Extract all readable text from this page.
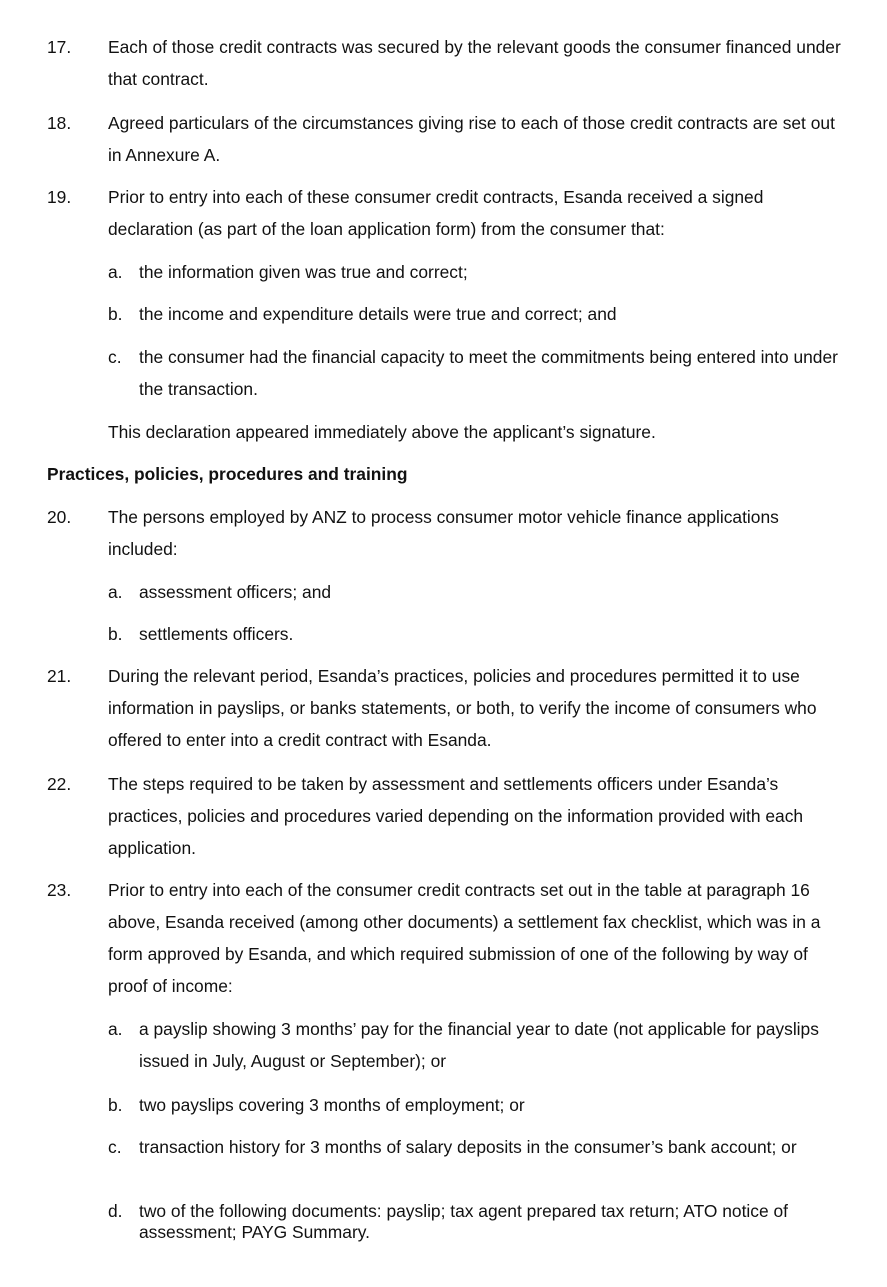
17. Each of those credit contracts was secured by the relevant goods the consumer financed under that contract.
18. Agreed particulars of the circumstances giving rise to each of those credit contracts are set out in Annexure A.
19. Prior to entry into each of these consumer credit contracts, Esanda received a signed declaration (as part of the loan application form) from the consumer that:
a. the information given was true and correct;
b. the income and expenditure details were true and correct; and
c. the consumer had the financial capacity to meet the commitments being entered into under the transaction.
This declaration appeared immediately above the applicant’s signature.
Practices, policies, procedures and training
20. The persons employed by ANZ to process consumer motor vehicle finance applications included:
a. assessment officers; and
b. settlements officers.
21. During the relevant period, Esanda’s practices, policies and procedures permitted it to use information in payslips, or banks statements, or both, to verify the income of consumers who offered to enter into a credit contract with Esanda.
22. The steps required to be taken by assessment and settlements officers under Esanda’s practices, policies and procedures varied depending on the information provided with each application.
23. Prior to entry into each of the consumer credit contracts set out in the table at paragraph 16 above, Esanda received (among other documents) a settlement fax checklist, which was in a form approved by Esanda, and which required submission of one of the following by way of proof of income:
a. a payslip showing 3 months’ pay for the financial year to date (not applicable for payslips issued in July, August or September); or
b. two payslips covering 3 months of employment; or
c. transaction history for 3 months of salary deposits in the consumer’s bank account; or
d. two of the following documents: payslip; tax agent prepared tax return; ATO notice of assessment; PAYG Summary.
